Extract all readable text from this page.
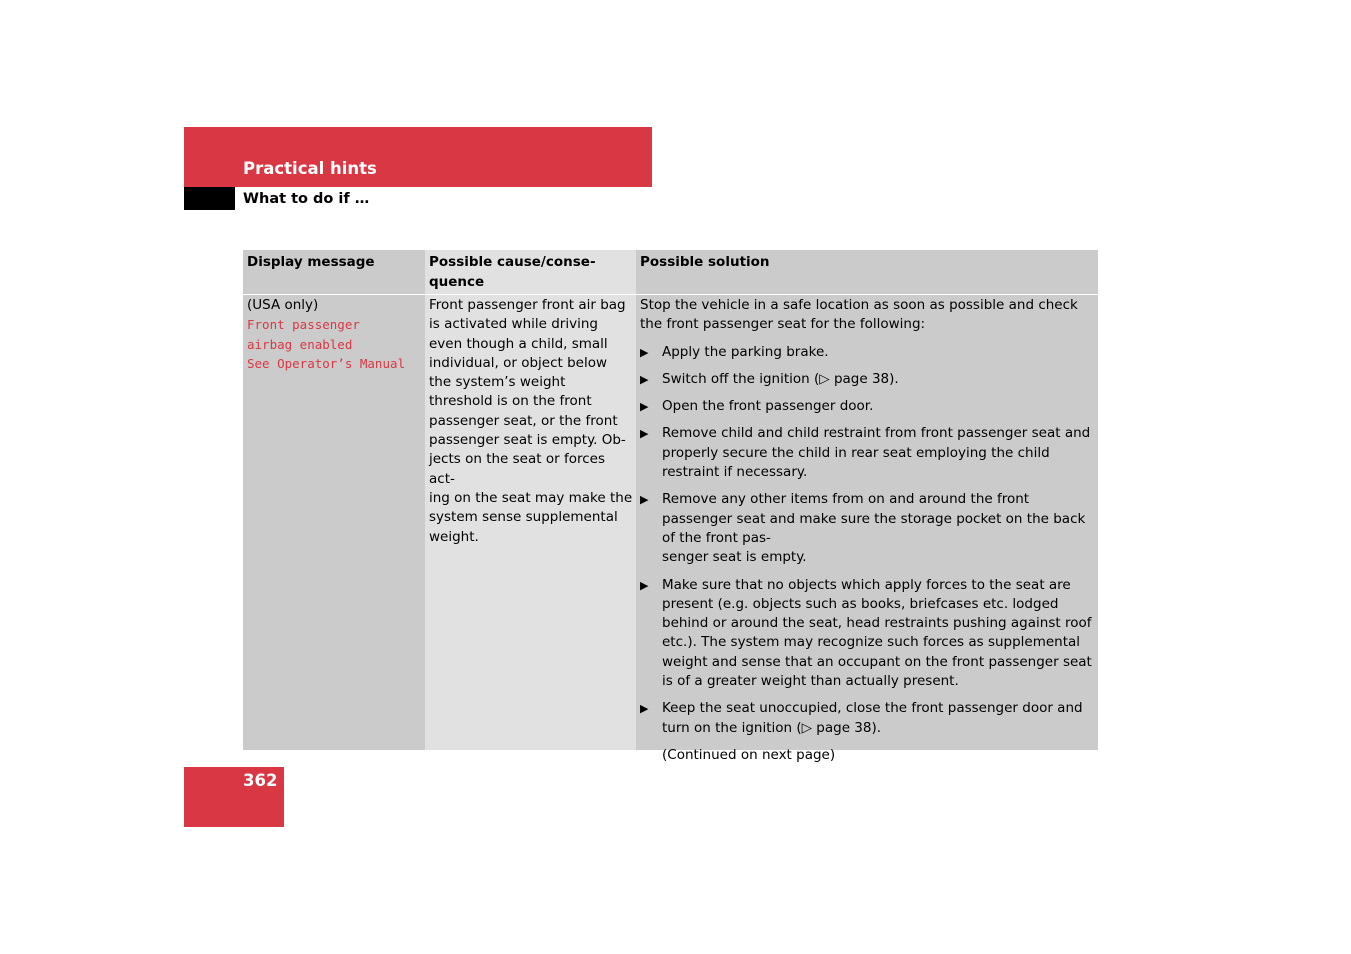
Practical hints
What to do if …
Display message

(USA only)

Front passenger
airbag enabled
See Operator’s Manual
Possible cause/conse-
quence

Front passenger front air bag is activated while driving even though a child, small individual, or object below the system’s weight threshold is on the front passenger seat, or the front passenger seat is empty. Ob-
jects on the seat or forces act-
ing on the seat may make the system sense supplemental weight.

Possible solution

Stop the vehicle in a safe location as soon as possible and check the front passenger seat for the following:

▶ Apply the parking brake.

▶ Switch off the ignition (▷ page 38).

▶ Open the front passenger door.

▶ Remove child and child restraint from front passenger seat and properly secure the child in rear seat employing the child restraint if necessary.

▶ Remove any other items from on and around the front passenger seat and make sure the storage pocket on the back of the front pas-
senger seat is empty.

▶ Make sure that no objects which apply forces to the seat are present (e.g. objects such as books, briefcases etc. lodged behind or around the seat, head restraints pushing against roof etc.). The system may recognize such forces as supplemental weight and sense that an occupant on the front passenger seat is of a greater weight than actually present.

▶ Keep the seat unoccupied, close the front passenger door and turn on the ignition (▷ page 38).

(Continued on next page)

362
